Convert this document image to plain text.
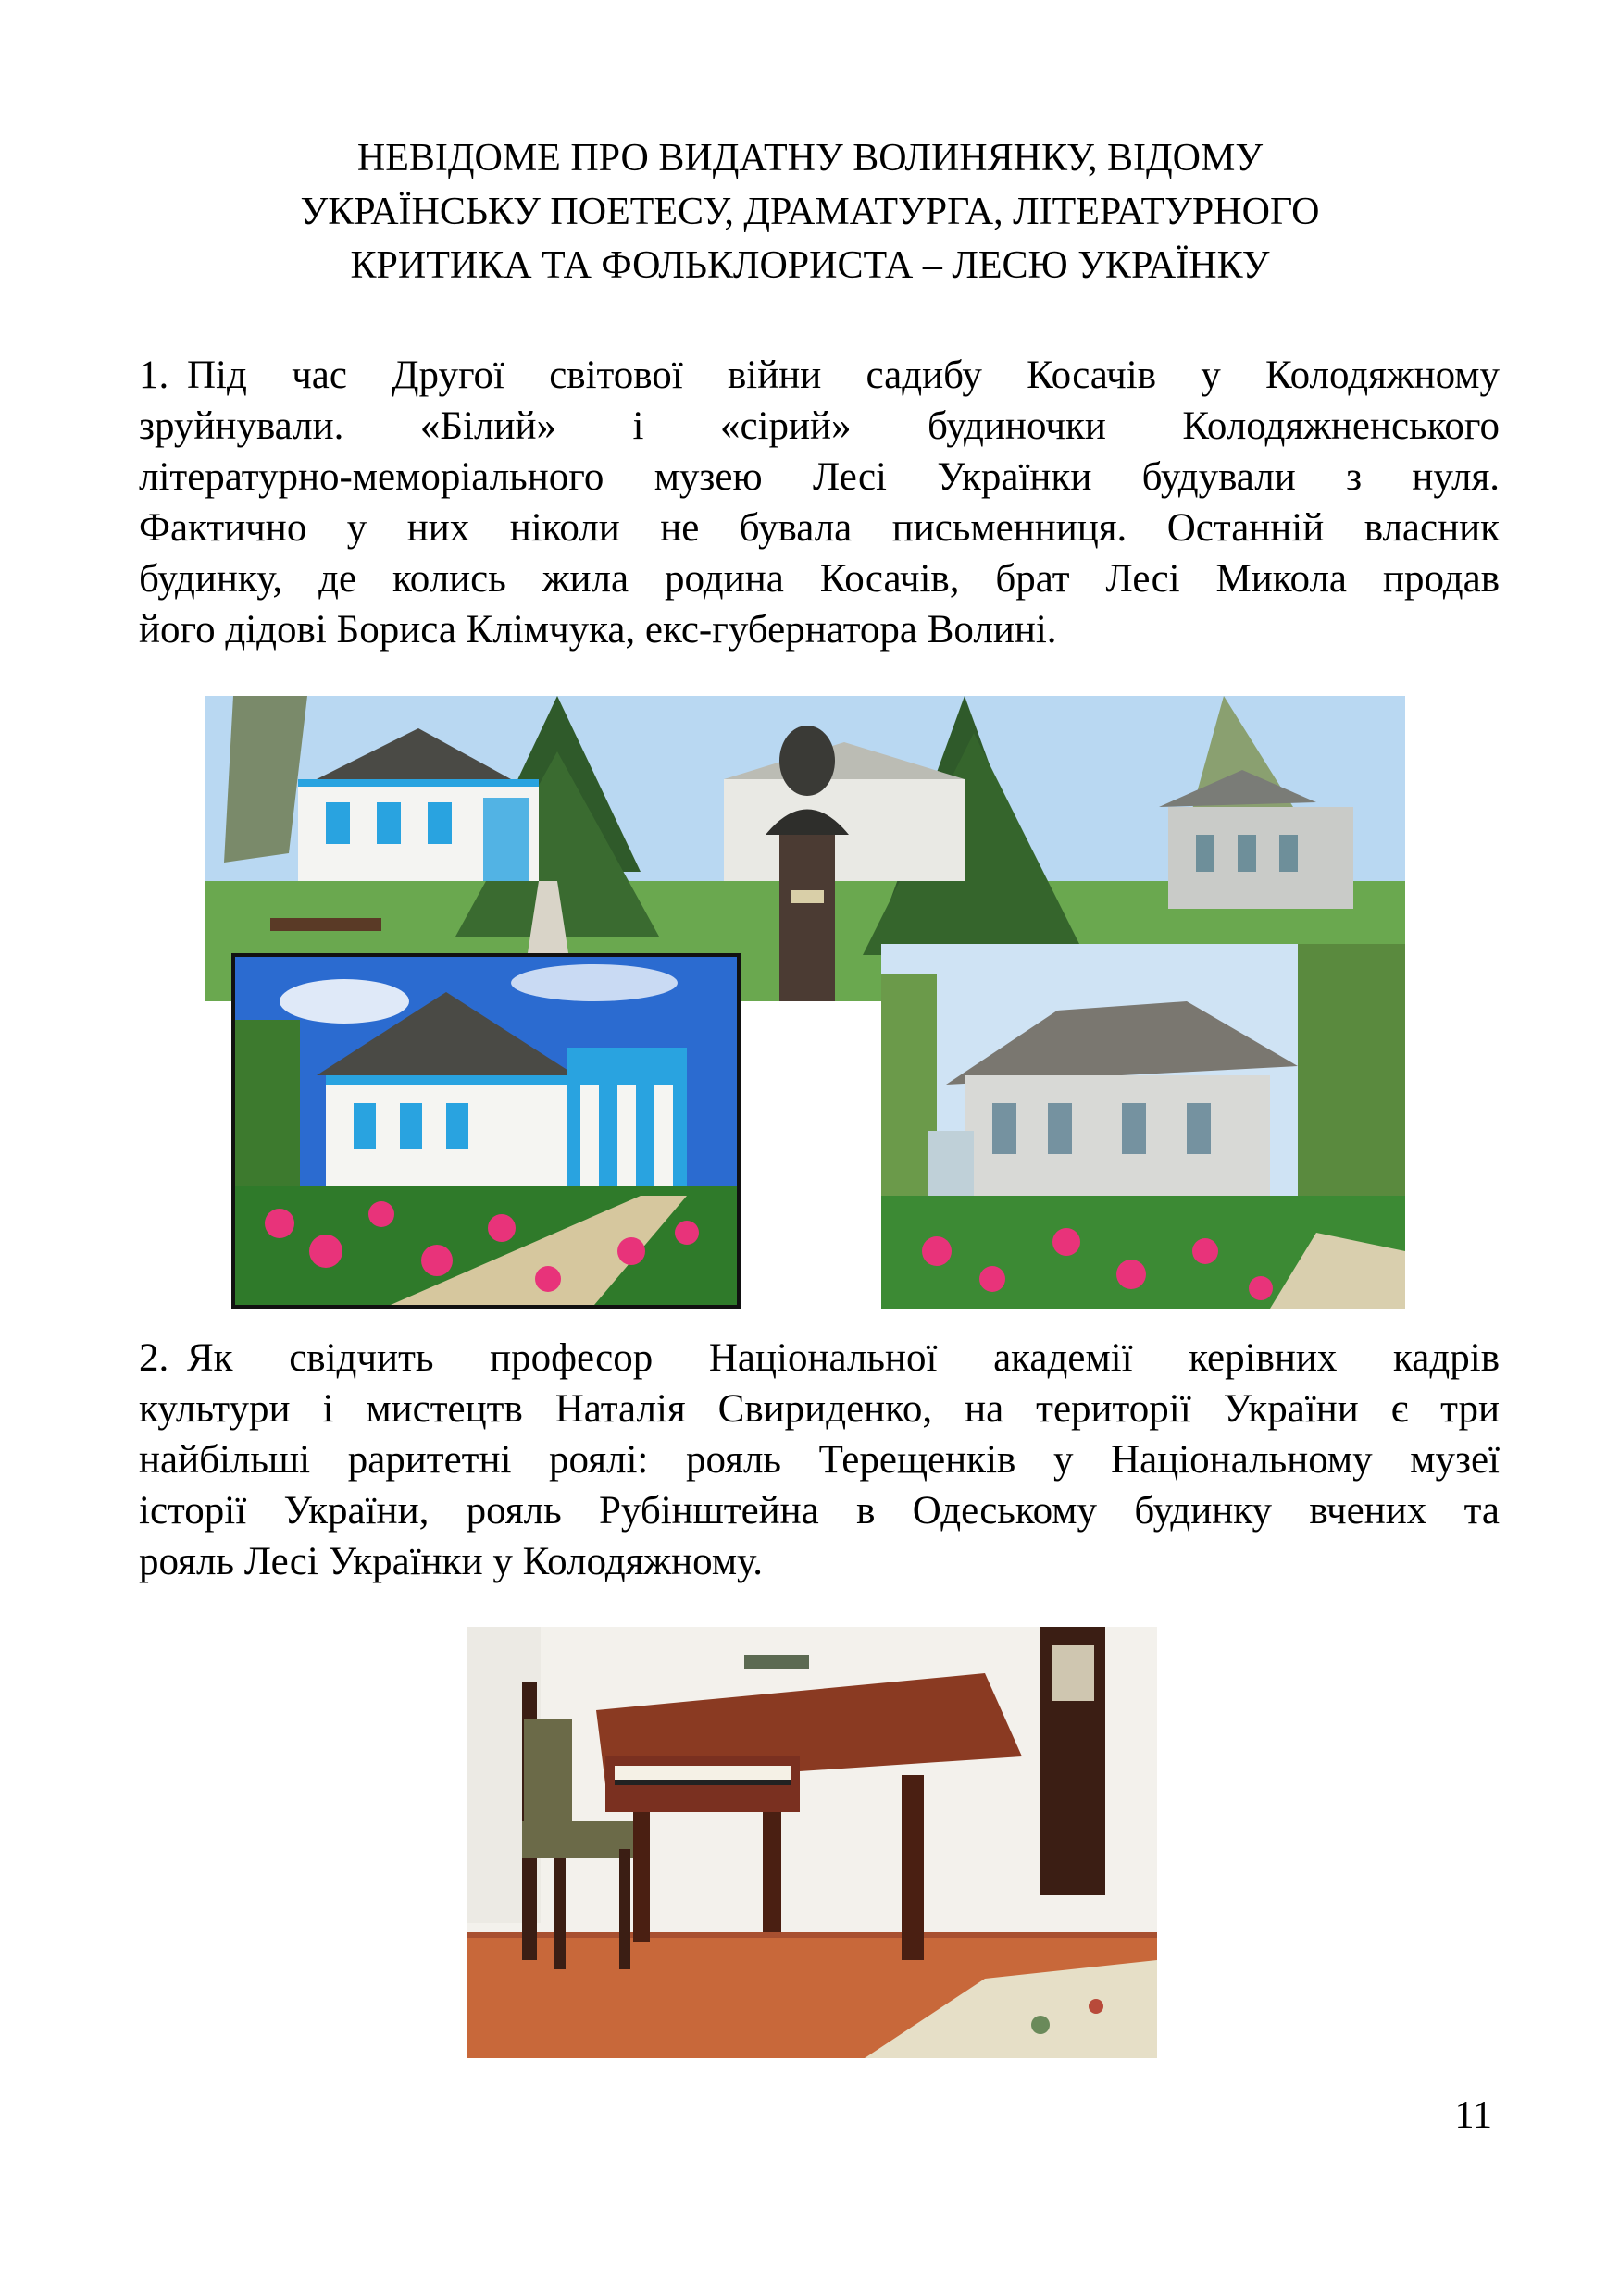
НЕВІДОМЕ ПРО ВИДАТНУ ВОЛИНЯНКУ, ВІДОМУ
УКРАЇНСЬКУ ПОЕТЕСУ, ДРАМАТУРГА, ЛІТЕРАТУРНОГО
КРИТИКА ТА ФОЛЬКЛОРИСТА – ЛЕСЮ УКРАЇНКУ

1. Під час Другої світової війни садибу Косачів у Колодяжному
зруйнували. «Білий» і «сірий» будиночки Колодяжненського
літературно-меморіального музею Лесі Українки будували з нуля.
Фактично у них ніколи не бувала письменниця. Останній власник
будинку, де колись жила родина Косачів, брат Лесі Микола продав
його дідові Бориса Клімчука, екс-губернатора Волині.

2. Як свідчить професор Національної академії керівних кадрів
культури і мистецтв Наталія Свириденко, на території України є три
найбільші раритетні роялі: рояль Терещенків у Національному музеї
історії України, рояль Рубінштейна в Одеському будинку вчених та
рояль Лесі Українки у Колодяжному.

11
